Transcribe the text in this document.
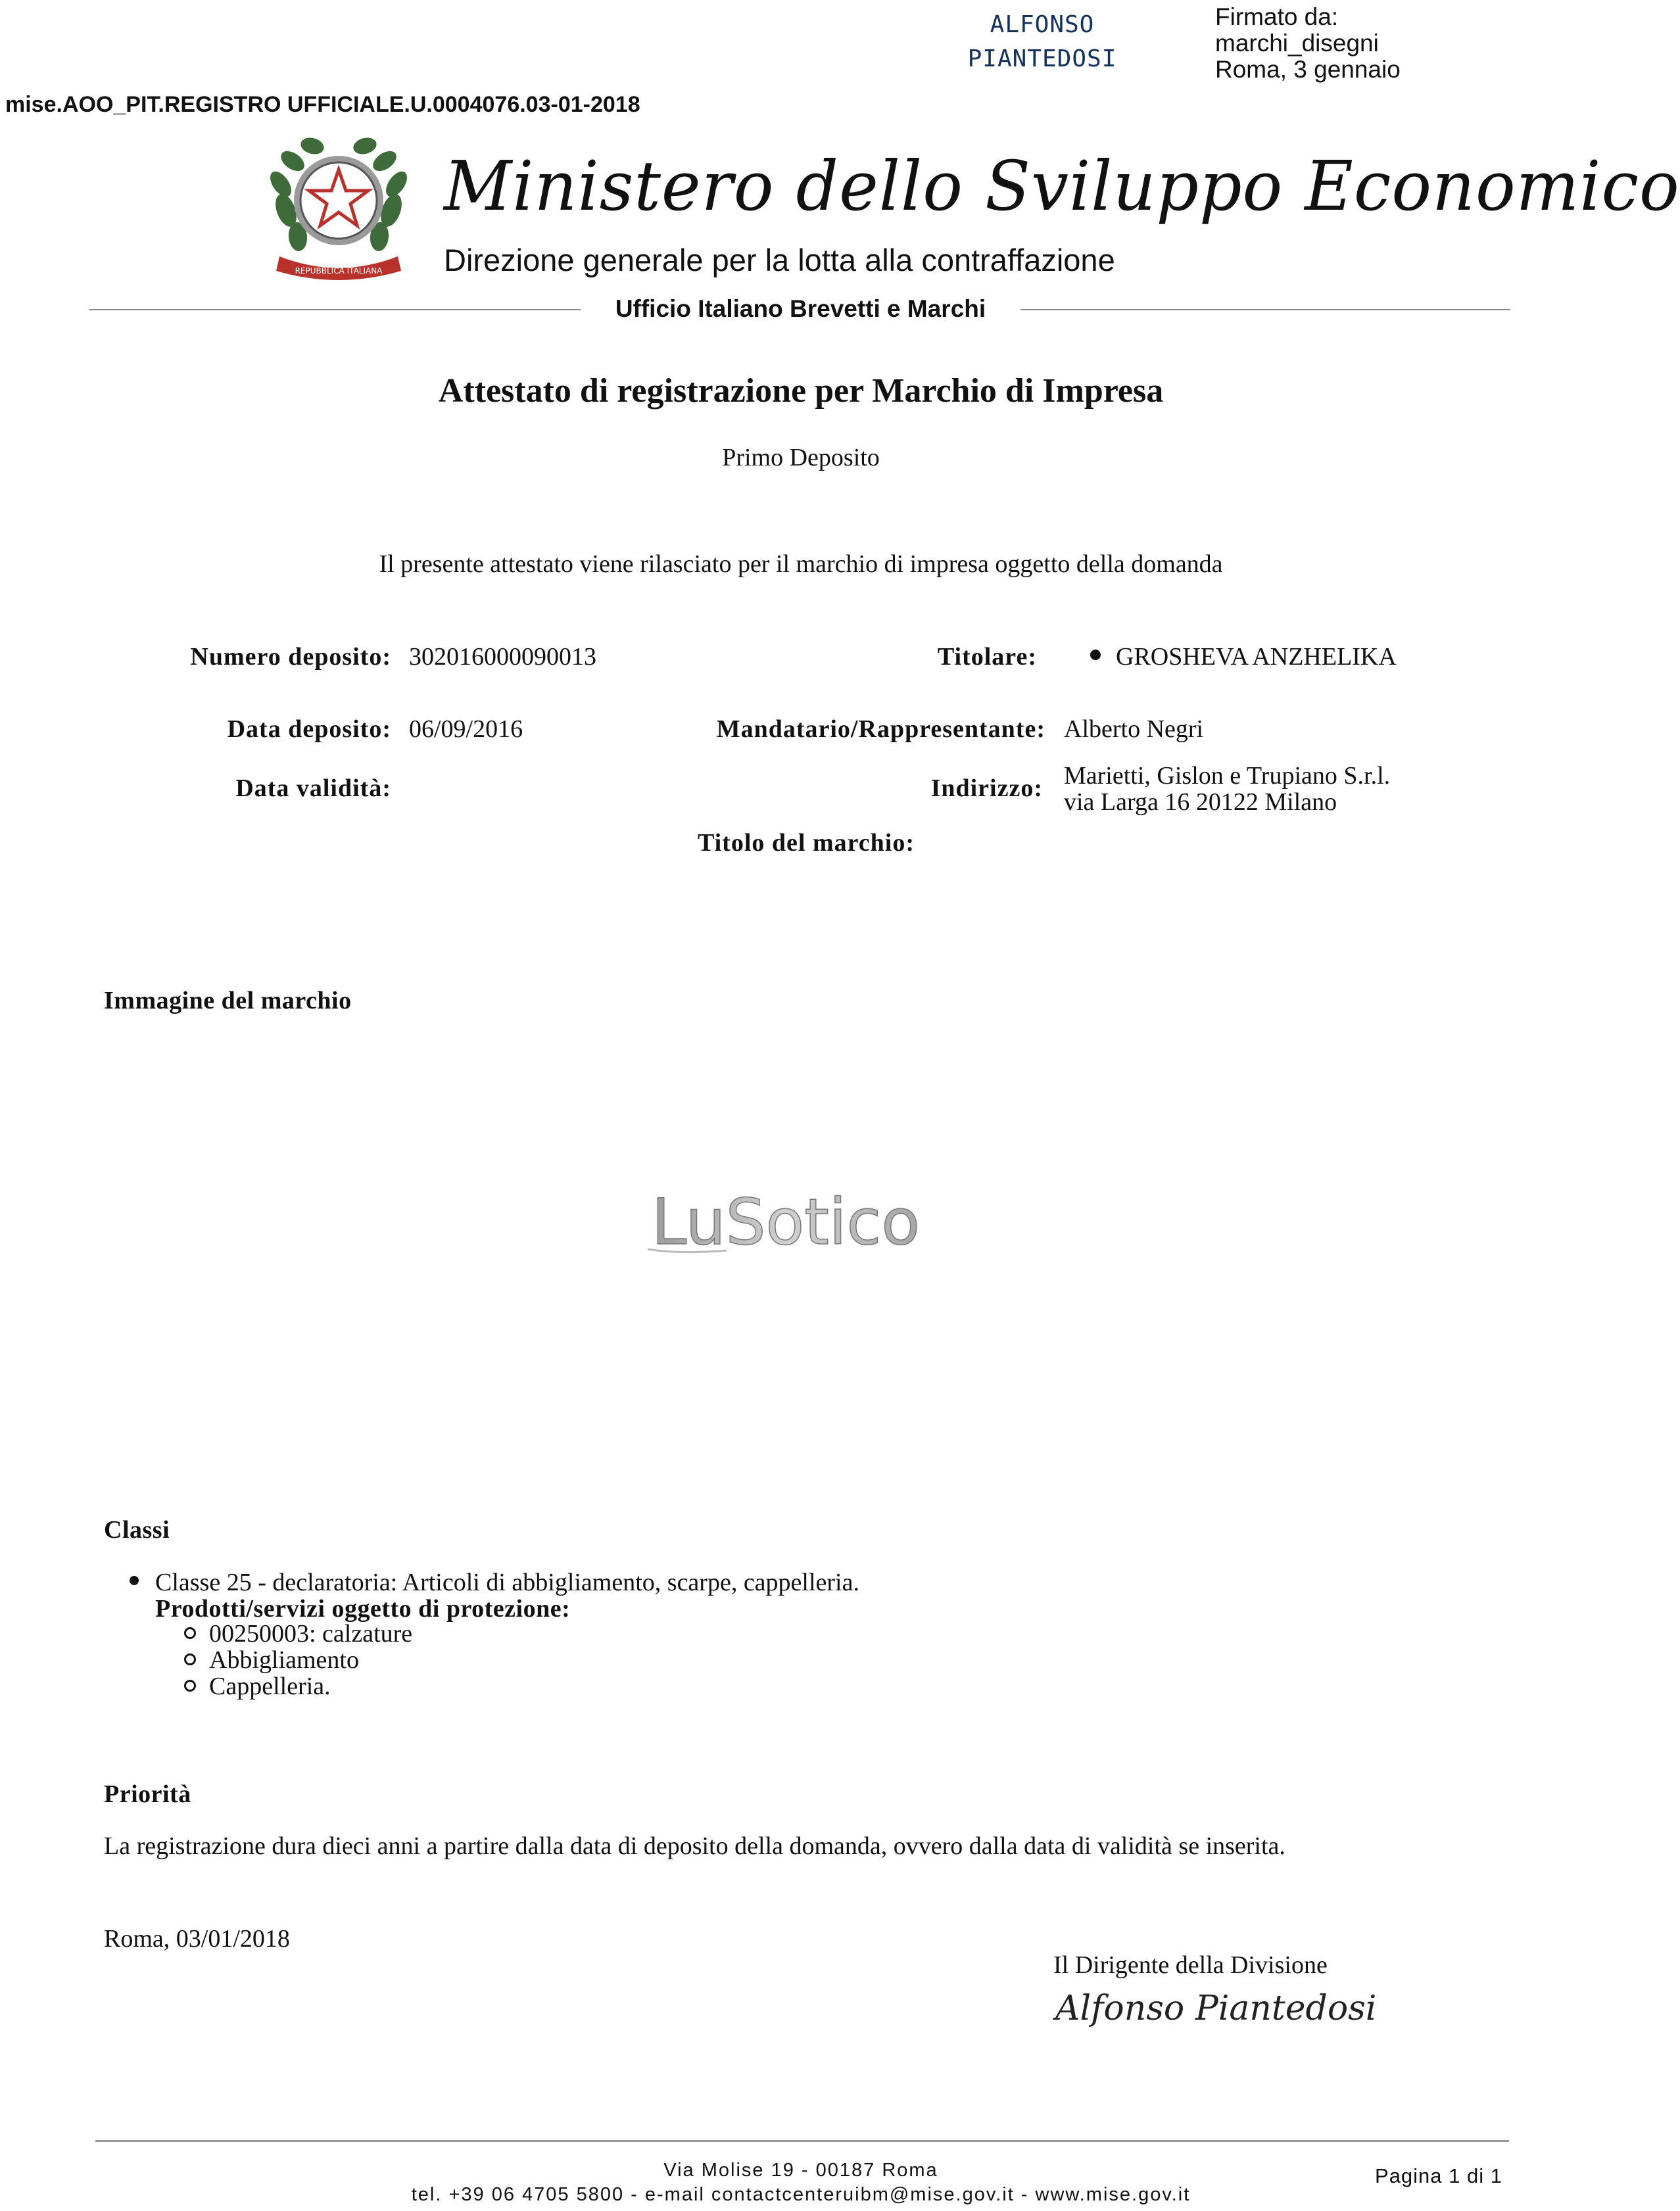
mise.AOO_PIT.REGISTRO UFFICIALE.U.0004076.03-01-2018
ALFONSO
PIANTEDOSI
Firmato da:
marchi_disegni
Roma, 3 gennaio
REPUBBLICA ITALIANA
Ministero dello Sviluppo Economico
Direzione generale per la lotta alla contraffazione
Ufficio Italiano Brevetti e Marchi
Attestato di registrazione per Marchio di Impresa
Primo Deposito
Il presente attestato viene rilasciato per il marchio di impresa oggetto della domanda
Numero deposito: 302016000090013
Data deposito: 06/09/2016
Data validità:
Titolare:	GROSHEVA ANZHELIKA
Mandatario/Rappresentante: Alberto Negri
Indirizzo: Marietti, Gislon e Trupiano S.r.l.
via Larga 16 20122 Milano
Titolo del marchio:
Immagine del marchio
LuSotico
Classi
Classe 25 - declaratoria: Articoli di abbigliamento, scarpe, cappelleria.
Prodotti/servizi oggetto di protezione:
00250003: calzature
Abbigliamento
Cappelleria.
Priorità
La registrazione dura dieci anni a partire dalla data di deposito della domanda, ovvero dalla data di validità se inserita.
Roma, 03/01/2018
Il Dirigente della Divisione
Alfonso Piantedosi
Via Molise 19 - 00187 Roma
tel. +39 06 4705 5800 - e-mail contactcenteruibm@mise.gov.it - www.mise.gov.it
Pagina 1 di 1
